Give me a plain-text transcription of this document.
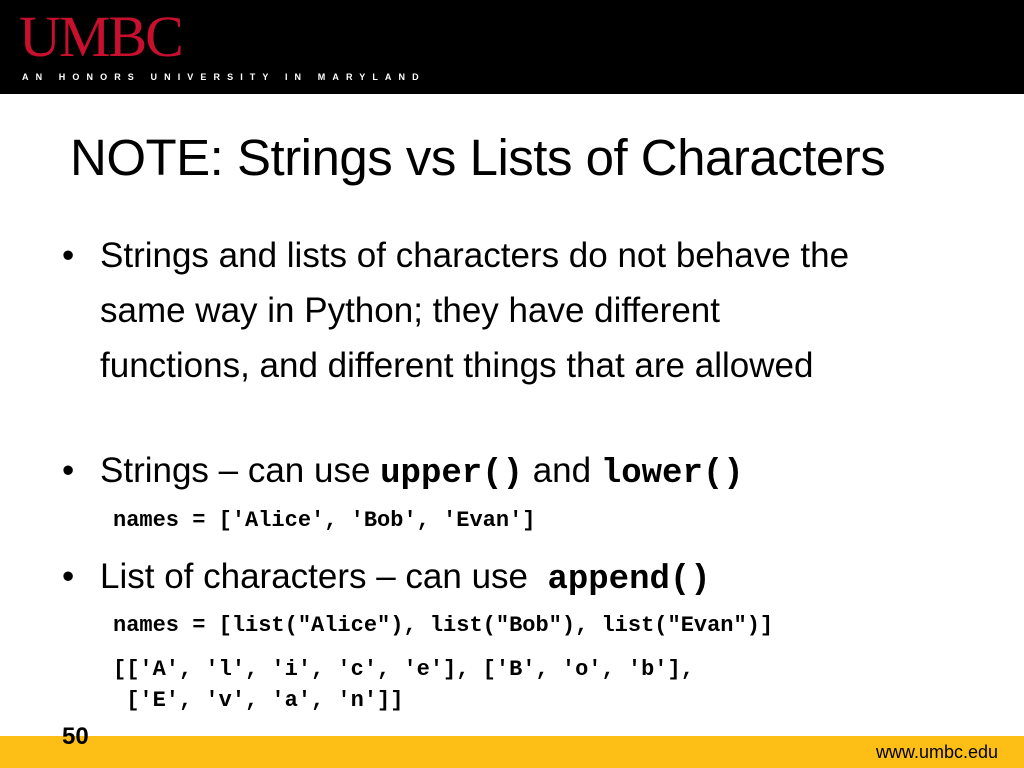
UMBC
AN HONORS UNIVERSITY IN MARYLAND
NOTE: Strings vs Lists of Characters
• Strings and lists of characters do not behave the
same way in Python; they have different
functions, and different things that are allowed
• Strings – can use upper() and lower()
names = ['Alice', 'Bob', 'Evan']
• List of characters – can use  append()
names = [list("Alice"), list("Bob"), list("Evan")]
[['A', 'l', 'i', 'c', 'e'], ['B', 'o', 'b'],
['E', 'v', 'a', 'n']]
50
www.umbc.edu
